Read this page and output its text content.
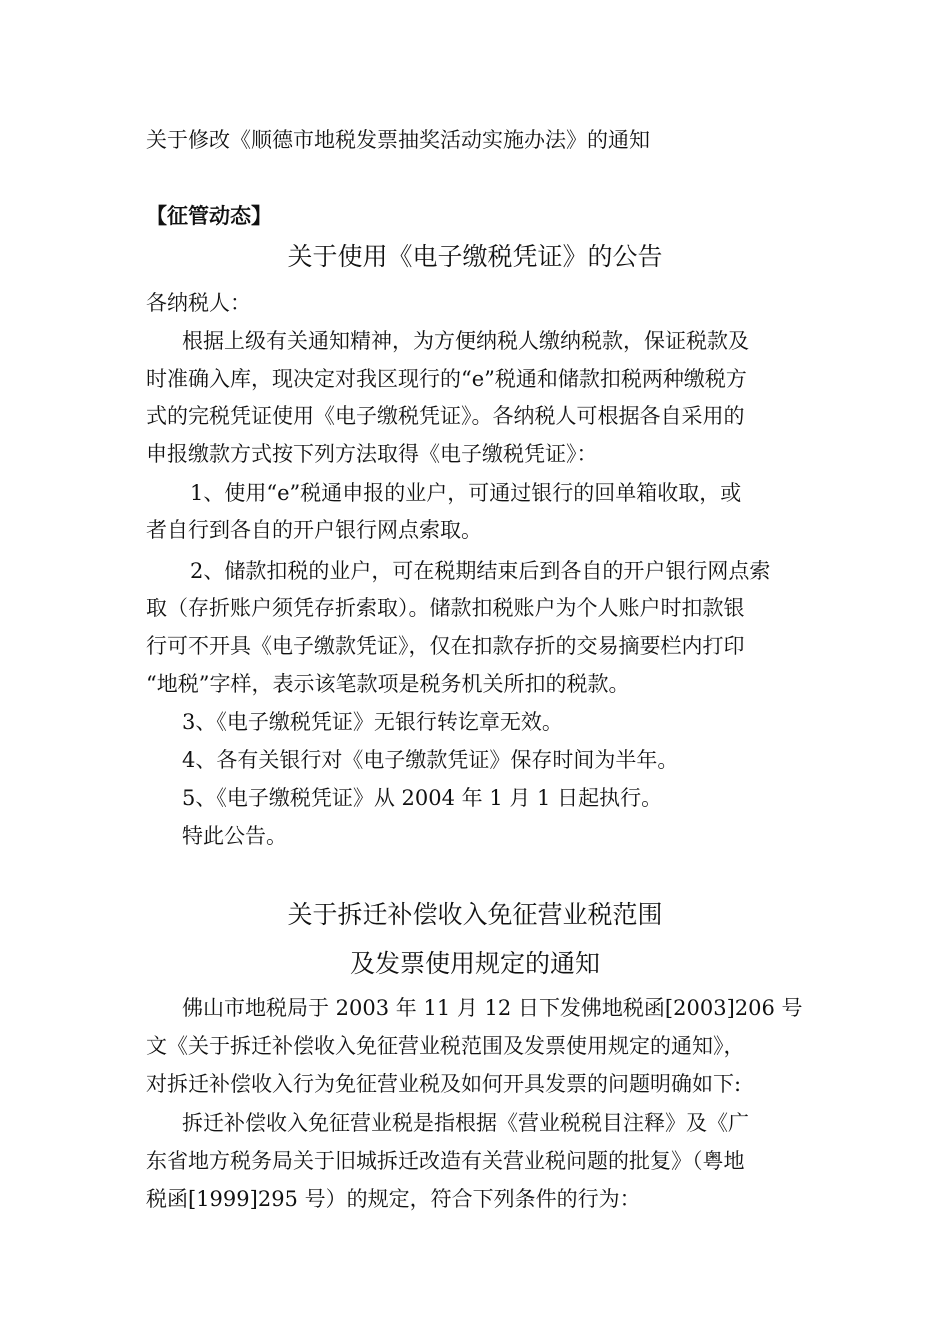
关于修改《顺德市地税发票抽奖活动实施办法》的通知
【征管动态】
关于使用《电子缴税凭证》的公告
各纳税人：
根据上级有关通知精神，为方便纳税人缴纳税款，保证税款及
时准确入库，现决定对我区现行的“e”税通和储款扣税两种缴税方
式的完税凭证使用《电子缴税凭证》。各纳税人可根据各自采用的
申报缴款方式按下列方法取得《电子缴税凭证》：
1、使用“e”税通申报的业户，可通过银行的回单箱收取，或
者自行到各自的开户银行网点索取。
2、储款扣税的业户，可在税期结束后到各自的开户银行网点索
取（存折账户须凭存折索取）。储款扣税账户为个人账户时扣款银
行可不开具《电子缴款凭证》，仅在扣款存折的交易摘要栏内打印
“地税”字样，表示该笔款项是税务机关所扣的税款。
3、《电子缴税凭证》无银行转讫章无效。
4、各有关银行对《电子缴款凭证》保存时间为半年。
5、《电子缴税凭证》从 2004 年 1 月 1 日起执行。
特此公告。
关于拆迁补偿收入免征营业税范围
及发票使用规定的通知
佛山市地税局于 2003 年 11 月 12 日下发佛地税函[2003]206 号
文《关于拆迁补偿收入免征营业税范围及发票使用规定的通知》，
对拆迁补偿收入行为免征营业税及如何开具发票的问题明确如下:
拆迁补偿收入免征营业税是指根据《营业税税目注释》及《广
东省地方税务局关于旧城拆迁改造有关营业税问题的批复》（粤地
税函[1999]295 号）的规定，符合下列条件的行为：
